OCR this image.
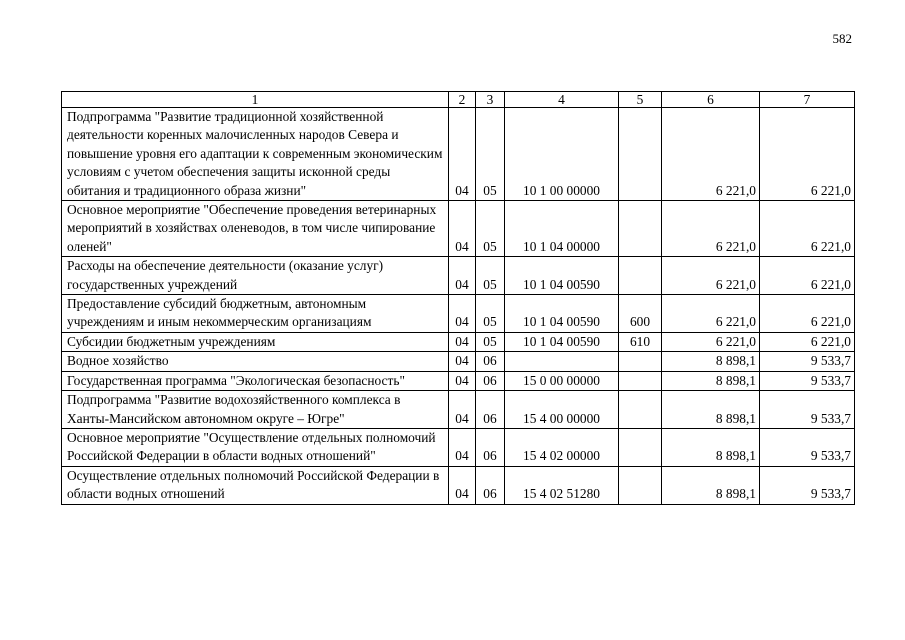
582
1	2	3	4	5	6	7
Подпрограмма "Развитие традиционной хозяйственной деятельности коренных малочисленных народов Севера и повышение уровня его адаптации к современным экономическим условиям с учетом обеспечения защиты исконной среды обитания и традиционного образа жизни"	04	05	10 1 00 00000		6 221,0	6 221,0
Основное мероприятие "Обеспечение проведения ветеринарных мероприятий в хозяйствах оленеводов, в том числе чипирование оленей"	04	05	10 1 04 00000		6 221,0	6 221,0
Расходы на обеспечение деятельности (оказание услуг) государственных учреждений	04	05	10 1 04 00590		6 221,0	6 221,0
Предоставление субсидий бюджетным, автономным учреждениям и иным некоммерческим организациям	04	05	10 1 04 00590	600	6 221,0	6 221,0
Субсидии бюджетным учреждениям	04	05	10 1 04 00590	610	6 221,0	6 221,0
Водное хозяйство	04	06			8 898,1	9 533,7
Государственная программа "Экологическая безопасность"	04	06	15 0 00 00000		8 898,1	9 533,7
Подпрограмма "Развитие водохозяйственного комплекса в Ханты-Мансийском автономном округе – Югре"	04	06	15 4 00 00000		8 898,1	9 533,7
Основное мероприятие "Осуществление отдельных полномочий Российской Федерации в области водных отношений"	04	06	15 4 02 00000		8 898,1	9 533,7
Осуществление отдельных полномочий Российской Федерации в области водных отношений	04	06	15 4 02 51280		8 898,1	9 533,7
